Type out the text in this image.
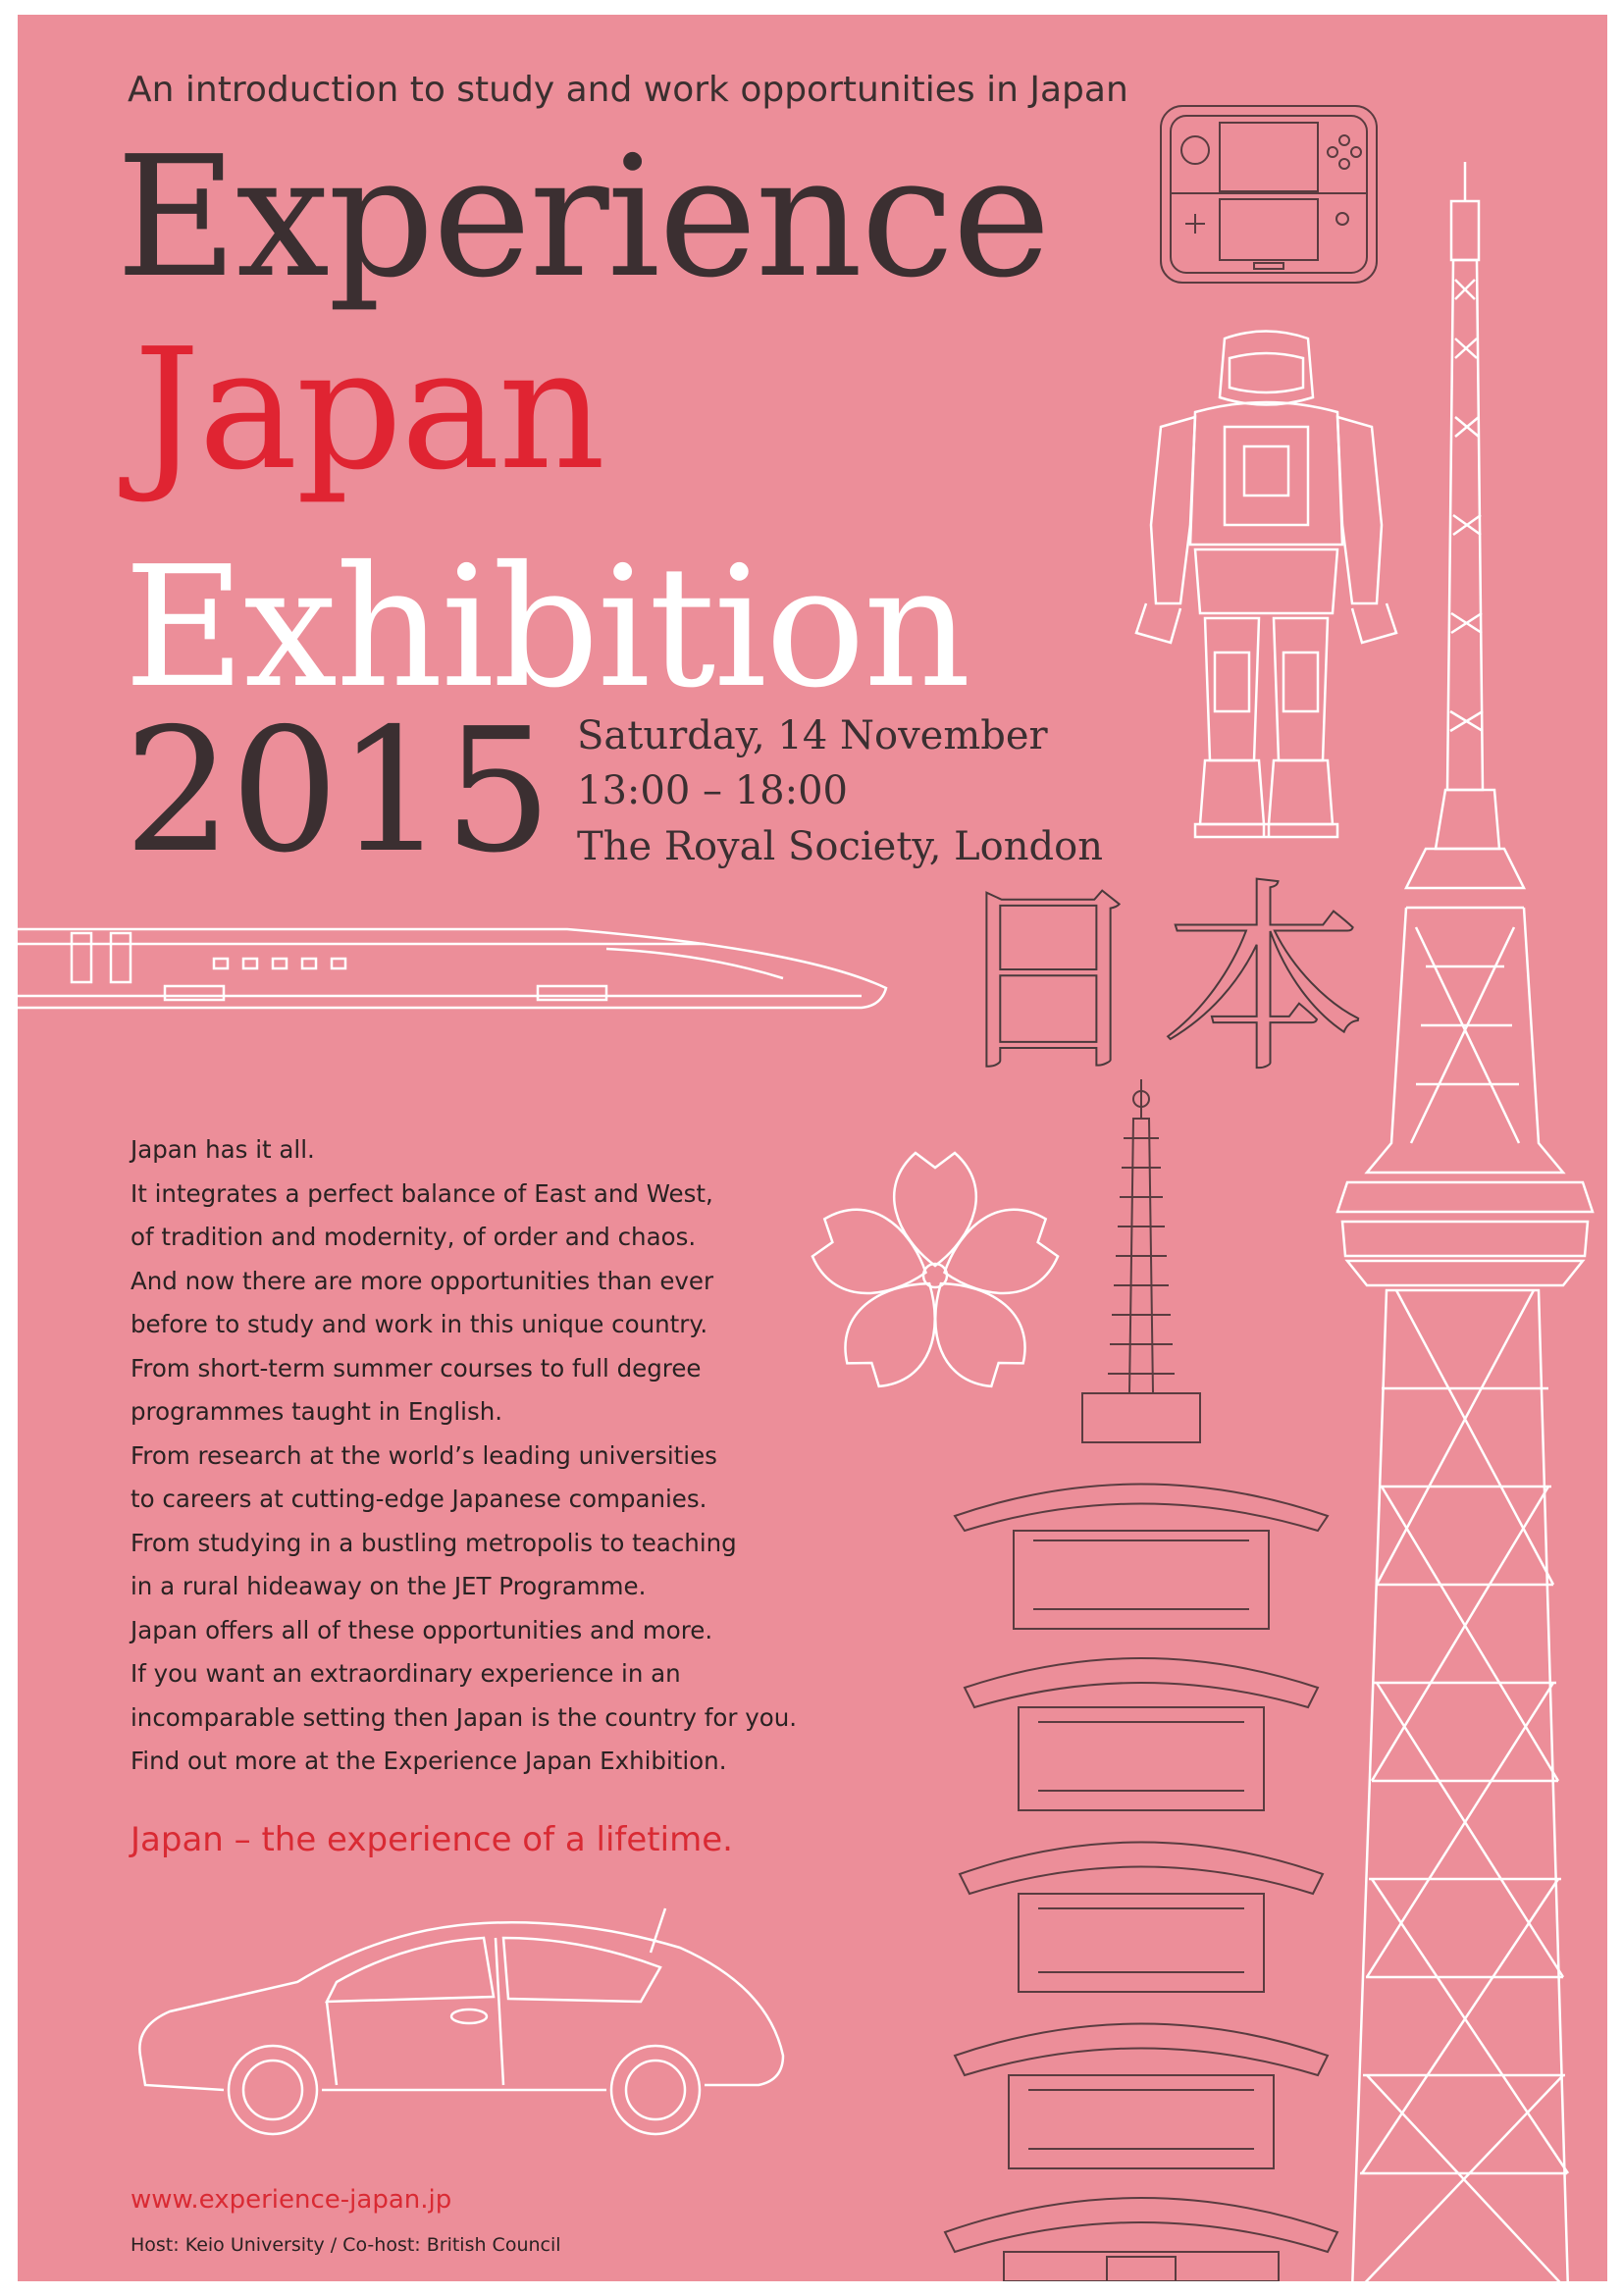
An introduction to study and work opportunities in Japan
Experience
Japan
Exhibition
2015 Saturday, 14 November
13:00 – 18:00
The Royal Society, London
日本
Japan has it all.
It integrates a perfect balance of East and West,
of tradition and modernity, of order and chaos.
And now there are more opportunities than ever
before to study and work in this unique country.
From short-term summer courses to full degree
programmes taught in English.
From research at the world’s leading universities
to careers at cutting-edge Japanese companies.
From studying in a bustling metropolis to teaching
in a rural hideaway on the JET Programme.
Japan offers all of these opportunities and more.
If you want an extraordinary experience in an
incomparable setting then Japan is the country for you.
Find out more at the Experience Japan Exhibition.
Japan – the experience of a lifetime.
www.experience-japan.jp
Host: Keio University / Co-host: British Council
